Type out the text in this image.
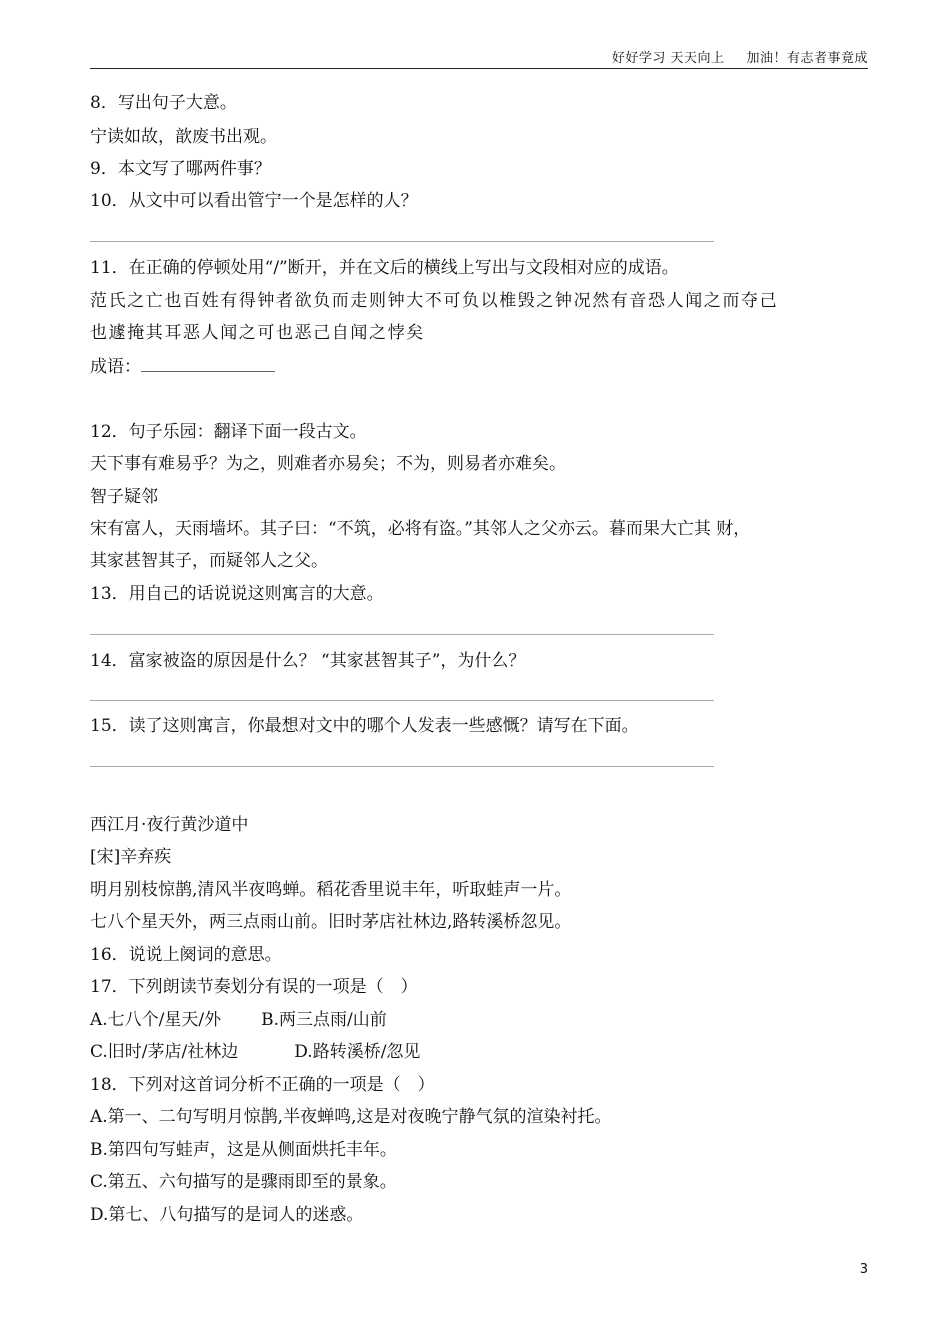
好好学习 天天向上 加油！有志者事竟成
8．写出句子大意。
宁读如故，歆废书出观。
9．本文写了哪两件事？
10．从文中可以看出管宁一个是怎样的人？
11．在正确的停顿处用“/”断开，并在文后的横线上写出与文段相对应的成语。
范氏之亡也百姓有得钟者欲负而走则钟大不可负以椎毁之钟况然有音恐人闻之而夺己
也遽掩其耳恶人闻之可也恶己自闻之悖矣
成语：
12．句子乐园：翻译下面一段古文。
天下事有难易乎？为之，则难者亦易矣；不为，则易者亦难矣。
智子疑邻
宋有富人，天雨墙坏。其子曰：“不筑，必将有盗。”其邻人之父亦云。暮而果大亡其 财，
其家甚智其子，而疑邻人之父。
13．用自己的话说说这则寓言的大意。
14．富家被盗的原因是什么？ “其家甚智其子”，为什么？
15．读了这则寓言，你最想对文中的哪个人发表一些感慨？请写在下面。
西江月·夜行黄沙道中
[宋]辛弃疾
明月别枝惊鹊,清风半夜鸣蝉。稻花香里说丰年，听取蛙声一片。
七八个星天外，两三点雨山前。旧时茅店社林边,路转溪桥忽见。
16．说说上阕词的意思。
17．下列朗读节奏划分有误的一项是（　）
A.七八个/星天/外 B.两三点雨/山前
C.旧时/茅店/社林边	D.路转溪桥/忽见
18．下列对这首词分析不正确的一项是（　）
A.第一、二句写明月惊鹊,半夜蝉鸣,这是对夜晚宁静气氛的渲染衬托。
B.第四句写蛙声，这是从侧面烘托丰年。
C.第五、六句描写的是骤雨即至的景象。
D.第七、八句描写的是词人的迷惑。
3
